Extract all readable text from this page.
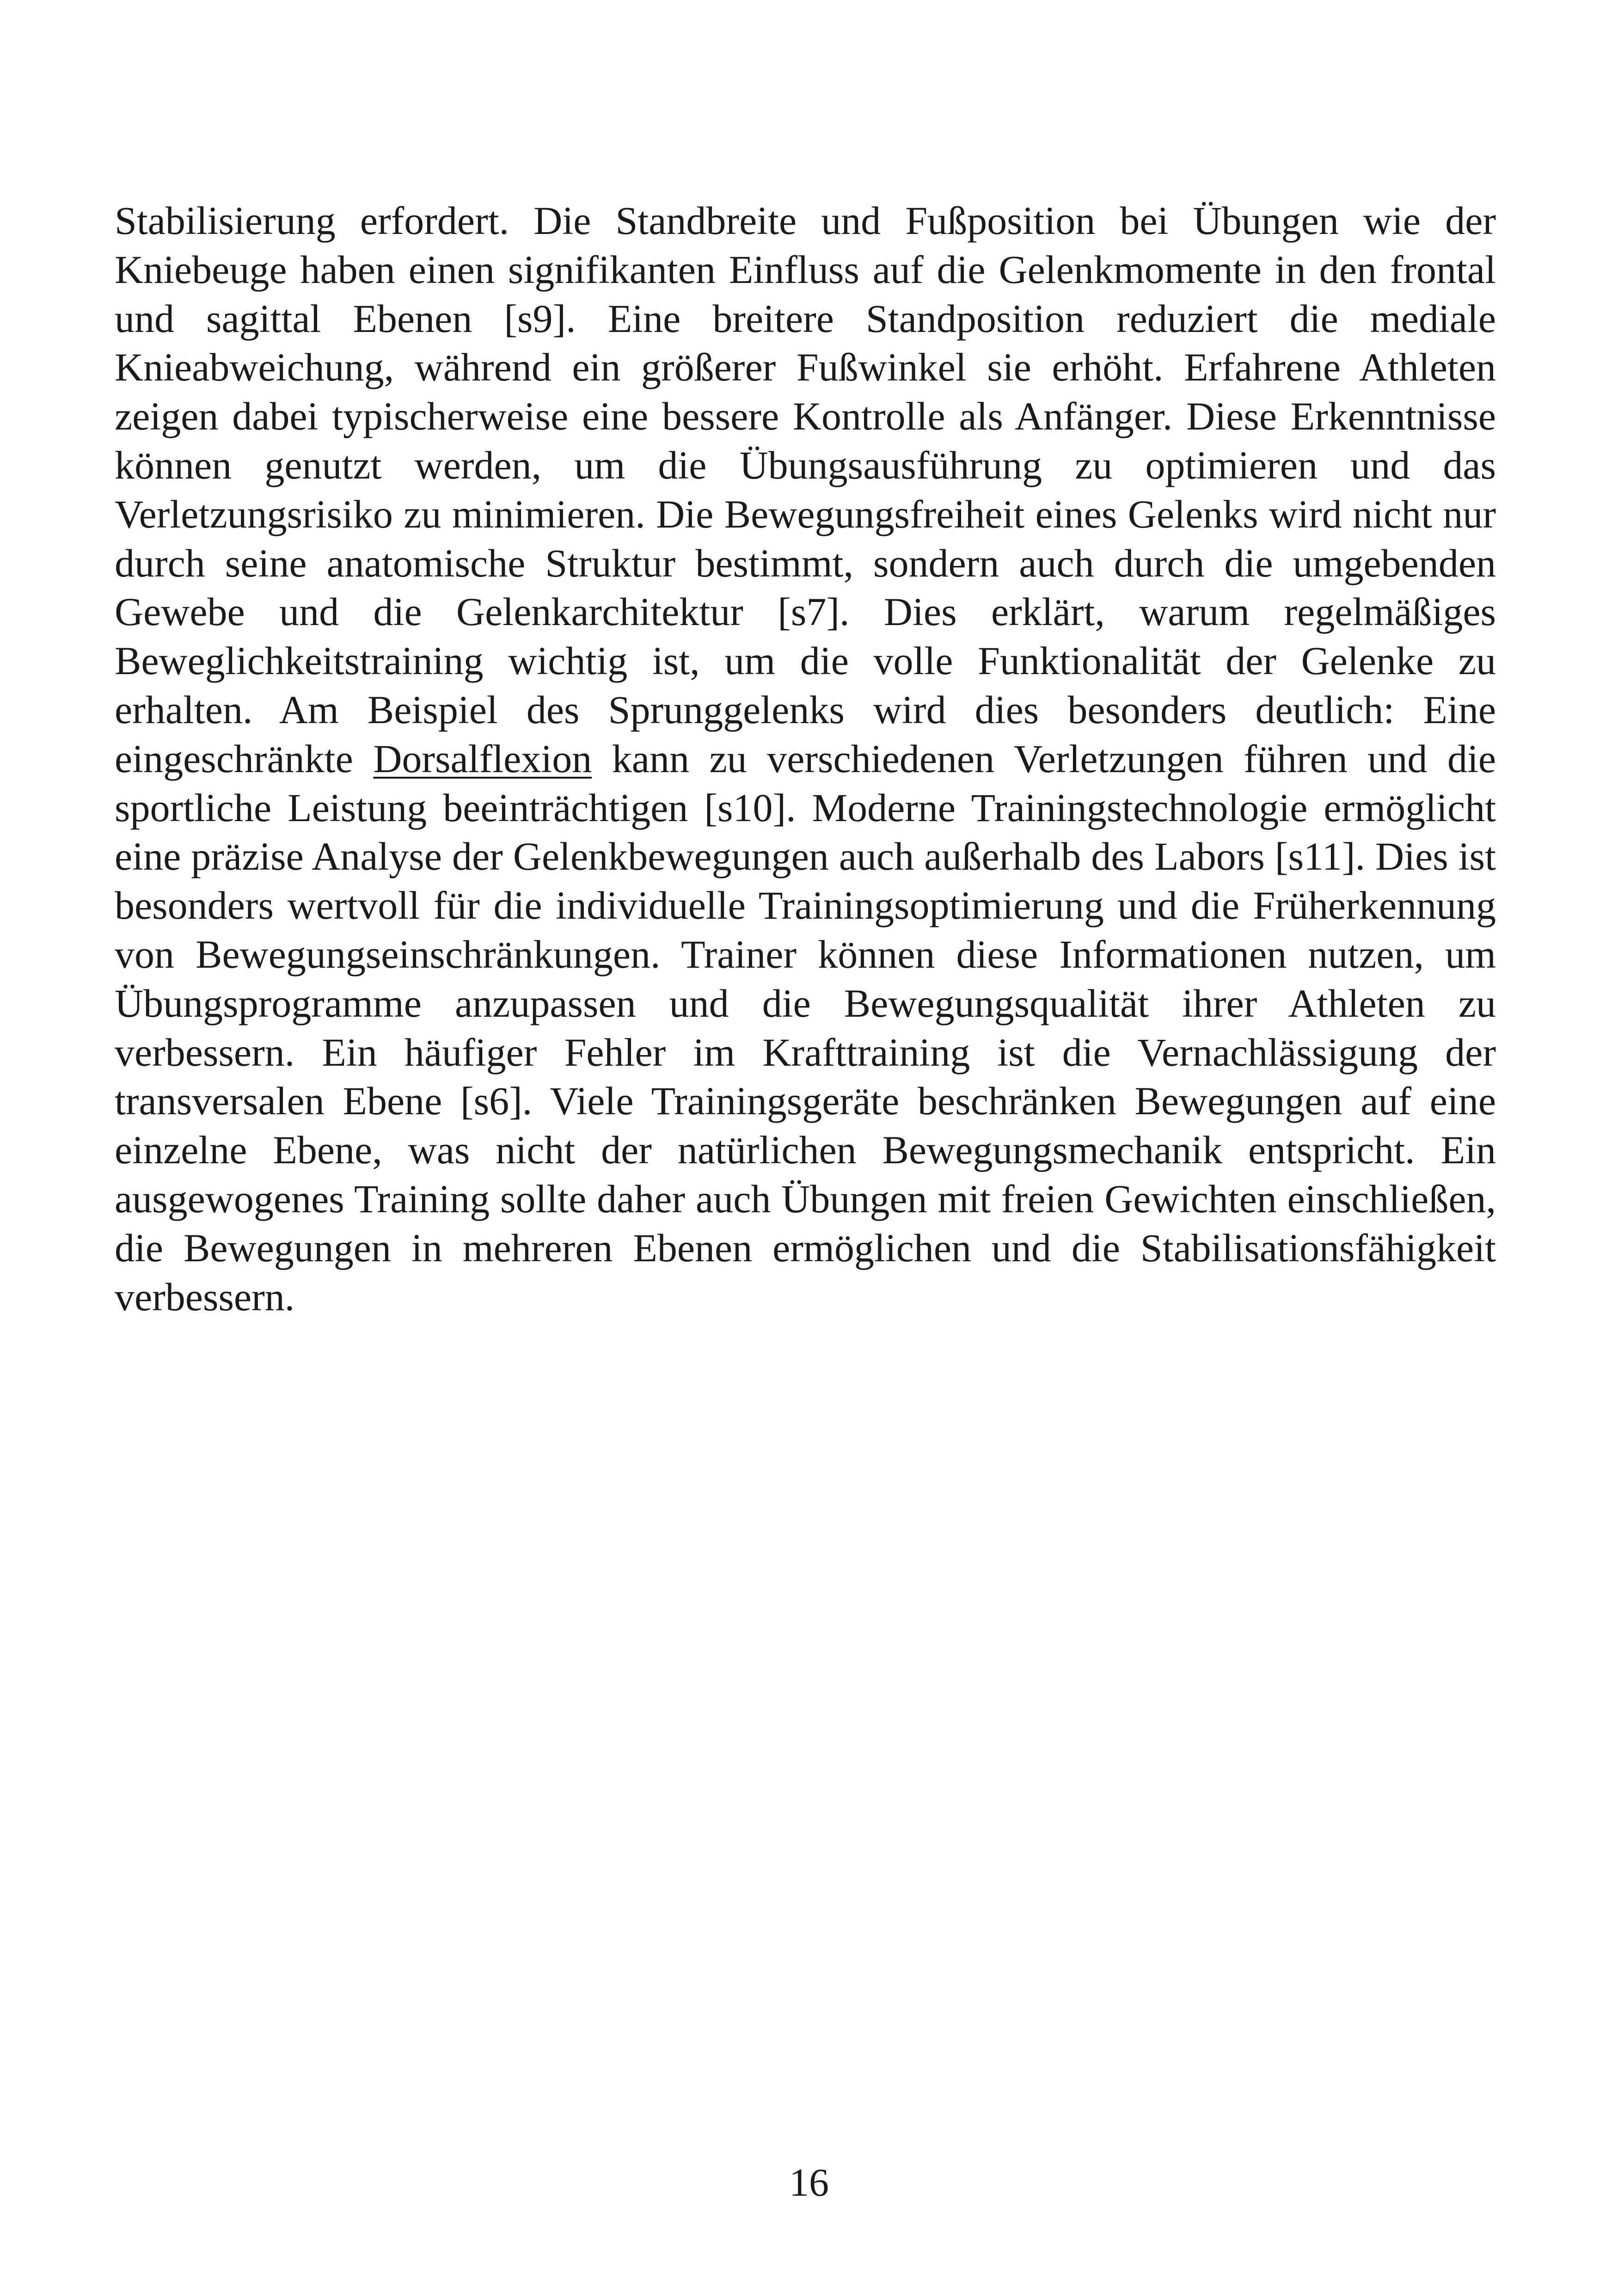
Stabilisierung erfordert. Die Standbreite und Fußposition bei Übungen wie der Kniebeuge haben einen signifikanten Einfluss auf die Gelenkmomente in den frontal und sagittal Ebenen [s9]. Eine breitere Standposition reduziert die mediale Knieabweichung, während ein größerer Fußwinkel sie erhöht. Erfahrene Athleten zeigen dabei typischerweise eine bessere Kontrolle als Anfänger. Diese Erkenntnisse können genutzt werden, um die Übungsausführung zu optimieren und das Verletzungsrisiko zu minimieren. Die Bewegungsfreiheit eines Gelenks wird nicht nur durch seine anatomische Struktur bestimmt, sondern auch durch die umgebenden Gewebe und die Gelenkarchitektur [s7]. Dies erklärt, warum regelmäßiges Beweglichkeitstraining wichtig ist, um die volle Funktionalität der Gelenke zu erhalten. Am Beispiel des Sprunggelenks wird dies besonders deutlich: Eine eingeschränkte Dorsalflexion kann zu verschiedenen Verletzungen führen und die sportliche Leistung beeinträchtigen [s10]. Moderne Trainingstechnologie ermöglicht eine präzise Analyse der Gelenkbewegungen auch außerhalb des Labors [s11]. Dies ist besonders wertvoll für die individuelle Trainingsoptimierung und die Früherkennung von Bewegungseinschränkungen. Trainer können diese Informationen nutzen, um Übungsprogramme anzupassen und die Bewegungsqualität ihrer Athleten zu verbessern. Ein häufiger Fehler im Krafttraining ist die Vernachlässigung der transversalen Ebene [s6]. Viele Trainingsgeräte beschränken Bewegungen auf eine einzelne Ebene, was nicht der natürlichen Bewegungsmechanik entspricht. Ein ausgewogenes Training sollte daher auch Übungen mit freien Gewichten einschließen, die Bewegungen in mehreren Ebenen ermöglichen und die Stabilisationsfähigkeit verbessern.

16
